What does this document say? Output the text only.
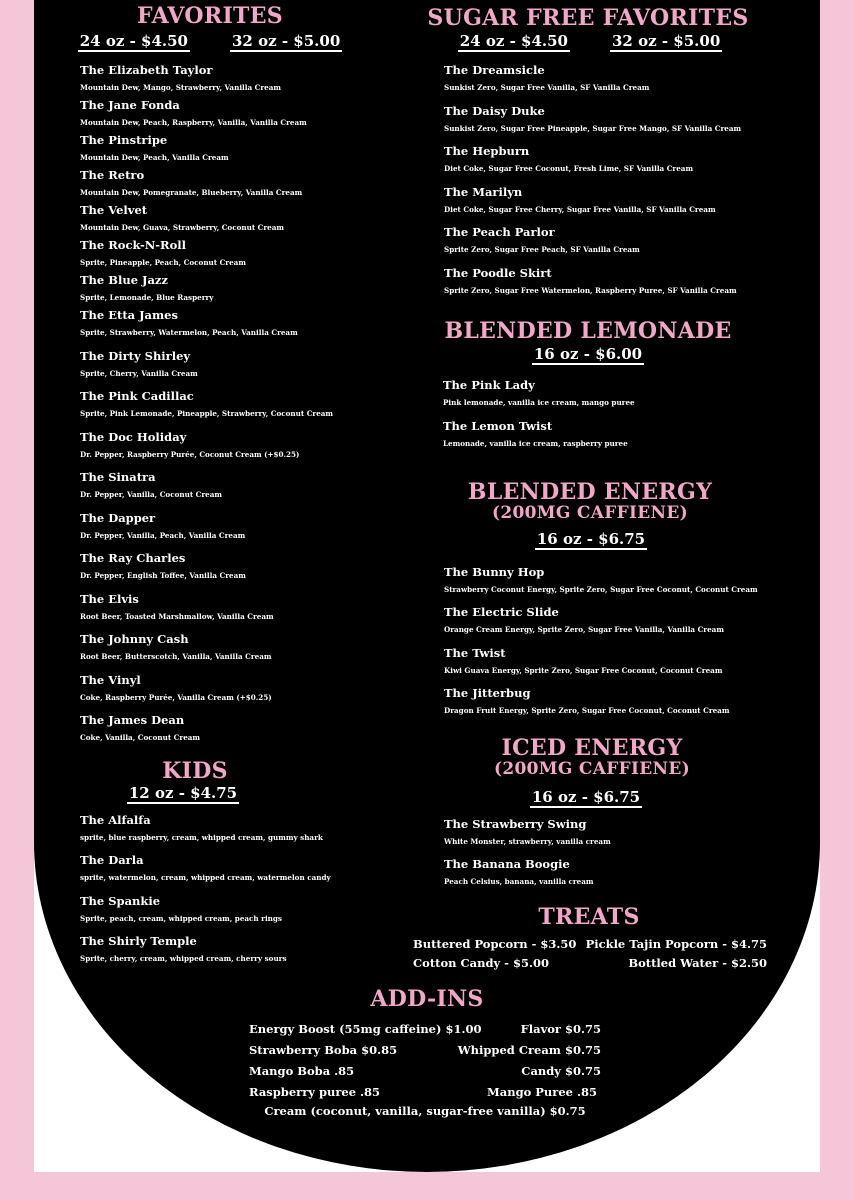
FAVORITES
24 oz - $4.50	32 oz - $5.00
The Elizabeth Taylor
Mountain Dew, Mango, Strawberry, Vanilla Cream
The Jane Fonda
Mountain Dew, Peach, Raspberry, Vanilla, Vanilla Cream
The Pinstripe
Mountain Dew, Peach, Vanilla Cream
The Retro
Mountain Dew, Pomegranate, Blueberry, Vanilla Cream
The Velvet
Mountain Dew, Guava, Strawberry, Coconut Cream
The Rock-N-Roll
Sprite, Pineapple, Peach, Coconut Cream
The Blue Jazz
Sprite, Lemonade, Blue Rasperry
The Etta James
Sprite, Strawberry, Watermelon, Peach, Vanilla Cream
The Dirty Shirley
Sprite, Cherry, Vanilla Cream
The Pink Cadillac
Sprite, Pink Lemonade, Pineapple, Strawberry, Coconut Cream
The Doc Holiday
Dr. Pepper, Raspberry Purée, Coconut Cream (+$0.25)
The Sinatra
Dr. Pepper, Vanilla, Coconut Cream
The Dapper
Dr. Pepper, Vanilla, Peach, Vanilla Cream
The Ray Charles
Dr. Pepper, English Toffee, Vanilla Cream
The Elvis
Root Beer, Toasted Marshmallow, Vanilla Cream
The Johnny Cash
Root Beer, Butterscotch, Vanilla, Vanilla Cream
The Vinyl
Coke, Raspberry Purée, Vanilla Cream (+$0.25)
The James Dean
Coke, Vanilla, Coconut Cream
KIDS
12 oz - $4.75
The Alfalfa
sprite, blue raspberry, cream, whipped cream, gummy shark
The Darla
sprite, watermelon, cream, whipped cream, watermelon candy
The Spankie
Sprite, peach, cream, whipped cream, peach rings
The Shirly Temple
Sprite, cherry, cream, whipped cream, cherry sours
SUGAR FREE FAVORITES
24 oz - $4.50	32 oz - $5.00
The Dreamsicle
Sunkist Zero, Sugar Free Vanilla, SF Vanilla Cream
The Daisy Duke
Sunkist Zero, Sugar Free Pineapple, Sugar Free Mango, SF Vanilla Cream
The Hepburn
Diet Coke, Sugar Free Coconut, Fresh Lime, SF Vanilla Cream
The Marilyn
Diet Coke, Sugar Free Cherry, Sugar Free Vanilla, SF Vanilla Cream
The Peach Parlor
Sprite Zero, Sugar Free Peach, SF Vanilla Cream
The Poodle Skirt
Sprite Zero, Sugar Free Watermelon, Raspberry Puree, SF Vanilla Cream
BLENDED LEMONADE
16 oz - $6.00
The Pink Lady
Pink lemonade, vanilla ice cream, mango puree
The Lemon Twist
Lemonade, vanilla ice cream, raspberry puree
BLENDED ENERGY
(200MG CAFFIENE)
16 oz - $6.75
The Bunny Hop
Strawberry Coconut Energy, Sprite Zero, Sugar Free Coconut, Coconut Cream
The Electric Slide
Orange Cream Energy, Sprite Zero, Sugar Free Vanilla, Vanilla Cream
The Twist
Kiwi Guava Energy, Sprite Zero, Sugar Free Coconut, Coconut Cream
The Jitterbug
Dragon Fruit Energy, Sprite Zero, Sugar Free Coconut, Coconut Cream
ICED ENERGY
(200MG CAFFIENE)
16 oz - $6.75
The Strawberry Swing
White Monster, strawberry, vanilla cream
The Banana Boogie
Peach Celsius, banana, vanilla cream
TREATS
Buttered Popcorn - $3.50 Pickle Tajin Popcorn - $4.75
Cotton Candy - $5.00	Bottled Water - $2.50
ADD-INS
Energy Boost (55mg caffeine) $1.00	Flavor $0.75
Strawberry Boba $0.85	Whipped Cream $0.75
Mango Boba .85	Candy $0.75
Raspberry puree .85	Mango Puree .85
Cream (coconut, vanilla, sugar-free vanilla) $0.75
